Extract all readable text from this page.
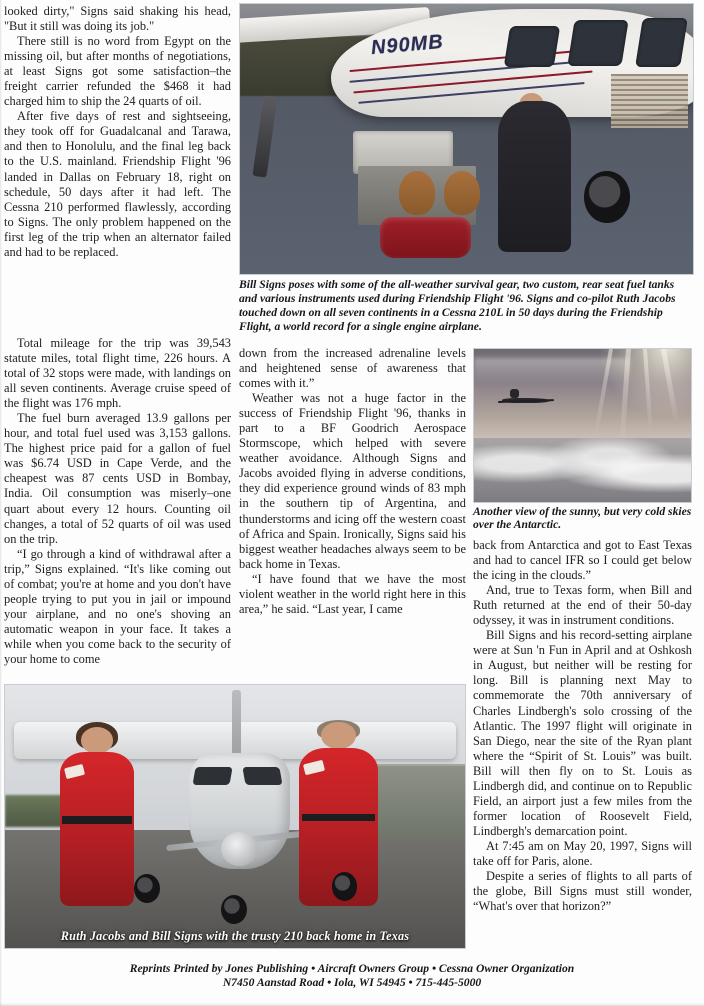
looked dirty," Signs said shaking his head, "But it still was doing its job."

There still is no word from Egypt on the missing oil, but after months of negotiations, at least Signs got some satisfaction–the freight carrier refunded the $468 it had charged him to ship the 24 quarts of oil.

After five days of rest and sightseeing, they took off for Guadalcanal and Tarawa, and then to Honolulu, and the final leg back to the U.S. mainland. Friendship Flight '96 landed in Dallas on February 18, right on schedule, 50 days after it had left. The Cessna 210 performed flawlessly, according to Signs. The only problem happened on the first leg of the trip when an alternator failed and had to be replaced.

Total mileage for the trip was 39,543 statute miles, total flight time, 226 hours. A total of 32 stops were made, with landings on all seven continents. Average cruise speed of the flight was 176 mph.

The fuel burn averaged 13.9 gallons per hour, and total fuel used was 3,153 gallons. The highest price paid for a gallon of fuel was $6.74 USD in Cape Verde, and the cheapest was 87 cents USD in Bombay, India. Oil consumption was miserly–one quart about every 12 hours. Counting oil changes, a total of 52 quarts of oil was used on the trip.

“I go through a kind of withdrawal after a trip,” Signs explained. “It's like coming out of combat; you're at home and you don't have people trying to put you in jail or impound your airplane, and no one's shoving an automatic weapon in your face. It takes a while when you come back to the security of your home to come

down from the increased adrenaline levels and heightened sense of awareness that comes with it.”

Weather was not a huge factor in the success of Friendship Flight '96, thanks in part to a BF Goodrich Aerospace Stormscope, which helped with severe weather avoidance. Although Signs and Jacobs avoided flying in adverse conditions, they did experience ground winds of 83 mph in the southern tip of Argentina, and thunderstorms and icing off the western coast of Africa and Spain. Ironically, Signs said his biggest weather headaches always seem to be back home in Texas.

“I have found that we have the most violent weather in the world right here in this area,” he said. “Last year, I came

back from Antarctica and got to East Texas and had to cancel IFR so I could get below the icing in the clouds.”

And, true to Texas form, when Bill and Ruth returned at the end of their 50-day odyssey, it was in instrument conditions.

Bill Signs and his record-setting airplane were at Sun 'n Fun in April and at Oshkosh in August, but neither will be resting for long. Bill is planning next May to commemorate the 70th anniversary of Charles Lindbergh's solo crossing of the Atlantic. The 1997 flight will originate in San Diego, near the site of the Ryan plant where the “Spirit of St. Louis” was built. Bill will then fly on to St. Louis as Lindbergh did, and continue on to Republic Field, an airport just a few miles from the former location of Roosevelt Field, Lindbergh's demarcation point.

At 7:45 am on May 20, 1997, Signs will take off for Paris, alone.

Despite a series of flights to all parts of the globe, Bill Signs must still wonder, “What's over that horizon?”

N90MB
Bill Signs poses with some of the all-weather survival gear, two custom, rear seat fuel tanks and various instruments used during Friendship Flight '96. Signs and co-pilot Ruth Jacobs touched down on all seven continents in a Cessna 210L in 50 days during the Friendship Flight, a world record for a single engine airplane.
Another view of the sunny, but very cold skies over the Antarctic.
Ruth Jacobs and Bill Signs with the trusty 210 back home in Texas
Reprints Printed by Jones Publishing • Aircraft Owners Group • Cessna Owner Organization
N7450 Aanstad Road • Iola, WI 54945 • 715-445-5000
